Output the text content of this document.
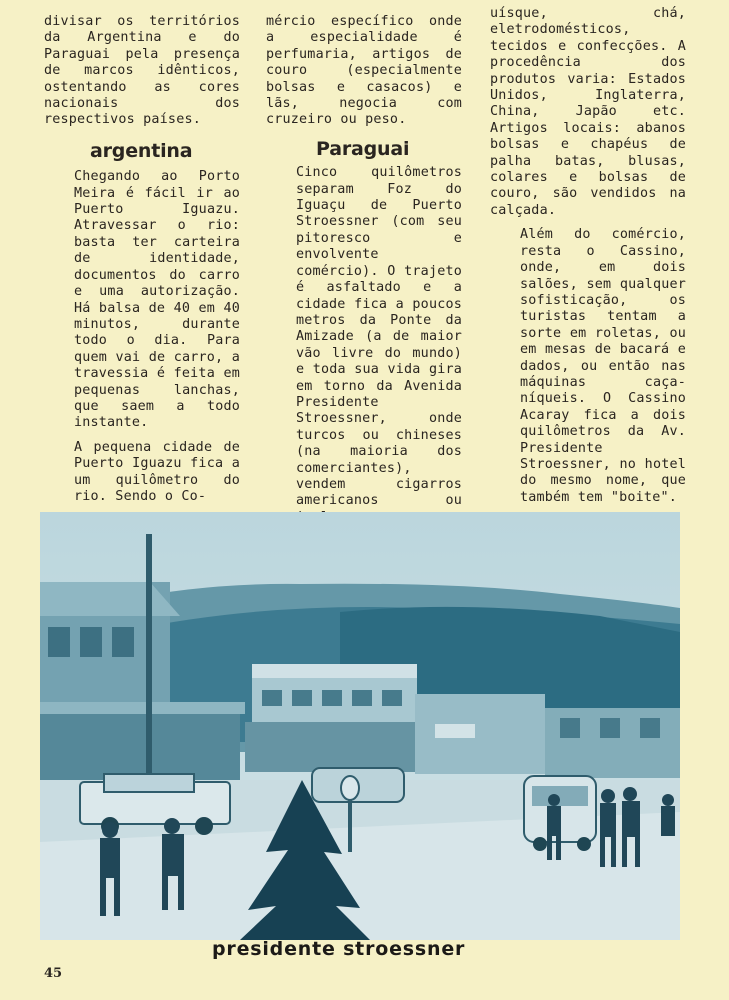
divisar os territórios da Argentina e do Paraguai pela presença de marcos idênticos, ostentando as cores nacionais dos respectivos países.

argentina

Chegando ao Porto Meira é fácil ir ao Puerto Iguazu. Atravessar o rio: basta ter carteira de identidade, documentos do carro e uma autorização. Há balsa de 40 em 40 minutos, durante todo o dia. Para quem vai de carro, a travessia é feita em pequenas lanchas, que saem a todo instante.

A pequena cidade de Puerto Iguazu fica a um quilômetro do rio. Sendo o Co-

mércio específico onde a especialidade é perfumaria, artigos de couro (especialmente bolsas e casacos) e lãs, negocia com cruzeiro ou peso.

Paraguai

Cinco quilômetros separam Foz do Iguaçu de Puerto Stroessner (com seu pitoresco e envolvente comércio). O trajeto é asfaltado e a cidade fica a poucos metros da Ponte da Amizade (a de maior vão livre do mundo) e toda sua vida gira em torno da Avenida Presidente Stroessner, onde turcos ou chineses (na maioria dos comerciantes), vendem cigarros americanos ou

uísque, chá, eletrodomésticos, tecidos e confecções. A procedência dos produtos varia: Estados Unidos, Inglaterra, China, Japão etc. Artigos locais: abanos bolsas e chapéus de palha batas, blusas, colares e bolsas de couro, são vendidos na calçada.

Além do comércio, resta o Cassino, onde, em dois salões, sem qualquer sofisticação, os turistas tentam a sorte em roletas, ou em mesas de bacará e dados, ou então nas máquinas caça-níqueis. O Cassino Acaray fica a dois quilômetros da Av. Presidente Stroessner, no hotel do mesmo nome, que também tem "boite".

presidente stroessner
45
